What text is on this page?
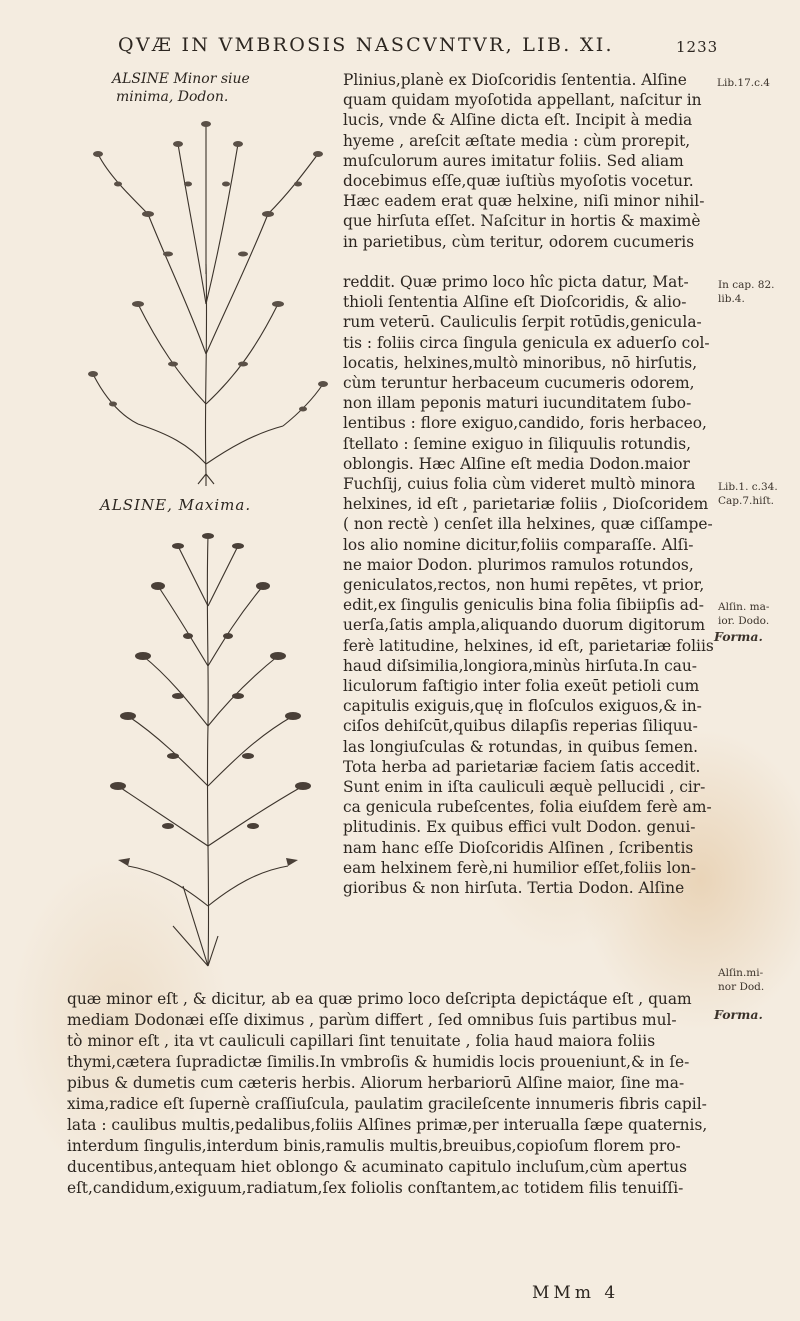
QVÆ IN VMBROSIS NASCVNTVR, LIB. XI.	1233
ALSINE Minor siue
minima, Dodon.
ALSINE, Maxima.
Plinius,planè ex Dioſcoridis ſententia. Alſine
quam quidam myoſotida appellant, naſcitur in
lucis, vnde & Alſine dicta eſt. Incipit à media
hyeme , areſcit æſtate media : cùm prorepit,
muſculorum aures imitatur foliis. Sed aliam
docebimus eſſe,quæ iuſtiùs myoſotis vocetur.
Hæc eadem erat quæ helxine, niſi minor nihil-
que hirſuta eſſet. Naſcitur in hortis & maximè
in parietibus, cùm teritur, odorem cucumeris
reddit. Quæ primo loco hîc picta datur, Mat-
thioli ſententia Alſine eſt Dioſcoridis, & alio-
rum veterū. Cauliculis ſerpit rotūdis,genicula-
tis : foliis circa ſingula genicula ex aduerſo col-
locatis, helxines,multò minoribus, nō hirſutis,
cùm teruntur herbaceum cucumeris odorem,
non illam peponis maturi iucunditatem ſubo-
lentibus : flore exiguo,candido, foris herbaceo,
ſtellato : ſemine exiguo in ſiliquulis rotundis,
oblongis. Hæc Alſine eſt media Dodon.maior
Fuchſij, cuius folia cùm videret multò minora
helxines, id eſt , parietariæ foliis , Dioſcoridem
( non rectè ) cenſet illa helxines, quæ ciſſampe-
los alio nomine dicitur,foliis comparaſſe. Alſi-
ne maior Dodon. plurimos ramulos rotundos,
geniculatos,rectos, non humi repētes, vt prior,
edit,ex ſingulis geniculis bina folia ſibiipſis ad-
uerſa,ſatis ampla,aliquando duorum digitorum
ferè latitudine, helxines, id eſt, parietariæ foliis
haud diſsimilia,longiora,minùs hirſuta.In cau-
liculorum faſtigio inter folia exeūt petioli cum
capitulis exiguis,quę in floſculos exiguos,& in-
ciſos dehiſcūt,quibus dilapſis reperias ſiliquu-
las longiuſculas & rotundas, in quibus ſemen.
Tota herba ad parietariæ faciem ſatis accedit.
Sunt enim in iſta cauliculi æquè pellucidi , cir-
ca genicula rubeſcentes, folia eiuſdem ferè am-
plitudinis. Ex quibus effici vult Dodon. genui-
nam hanc eſſe Dioſcoridis Alſinen , ſcribentis
eam helxinem ferè,ni humilior eſſet,foliis lon-
gioribus & non hirſuta. Tertia Dodon. Alſine
quæ minor eſt , & dicitur, ab ea quæ primo loco deſcripta depictáque eſt , quam
mediam Dodonæi eſſe diximus , parùm differt , ſed omnibus ſuis partibus mul-
tò minor eſt , ita vt cauliculi capillari ſint tenuitate , folia haud maiora foliis
thymi,cætera ſupradictæ ſimilis.In vmbroſis & humidis locis proueniunt,& in ſe-
pibus & dumetis cum cæteris herbis. Aliorum herbariorū Alſine maior, ſine ma-
xima,radice eſt ſupernè craſſiuſcula, paulatim gracileſcente innumeris fibris capil-
lata : caulibus multis,pedalibus,foliis Alſines primæ,per interualla ſæpe quaternis,
interdum ſingulis,interdum binis,ramulis multis,breuibus,copioſum florem pro-
ducentibus,antequam hiet oblongo & acuminato capitulo incluſum,cùm apertus
eſt,candidum,exiguum,radiatum,ſex foliolis conſtantem,ac totidem filis tenuiſſi-
Lib.17.c.4
In cap. 82.
lib.4.
Lib.1. c.34.
Cap.7.hiſt.
Alſin. ma-
ior. Dodo.
Forma.
Alſin.mi-
nor Dod.
Forma.
MMm 4
